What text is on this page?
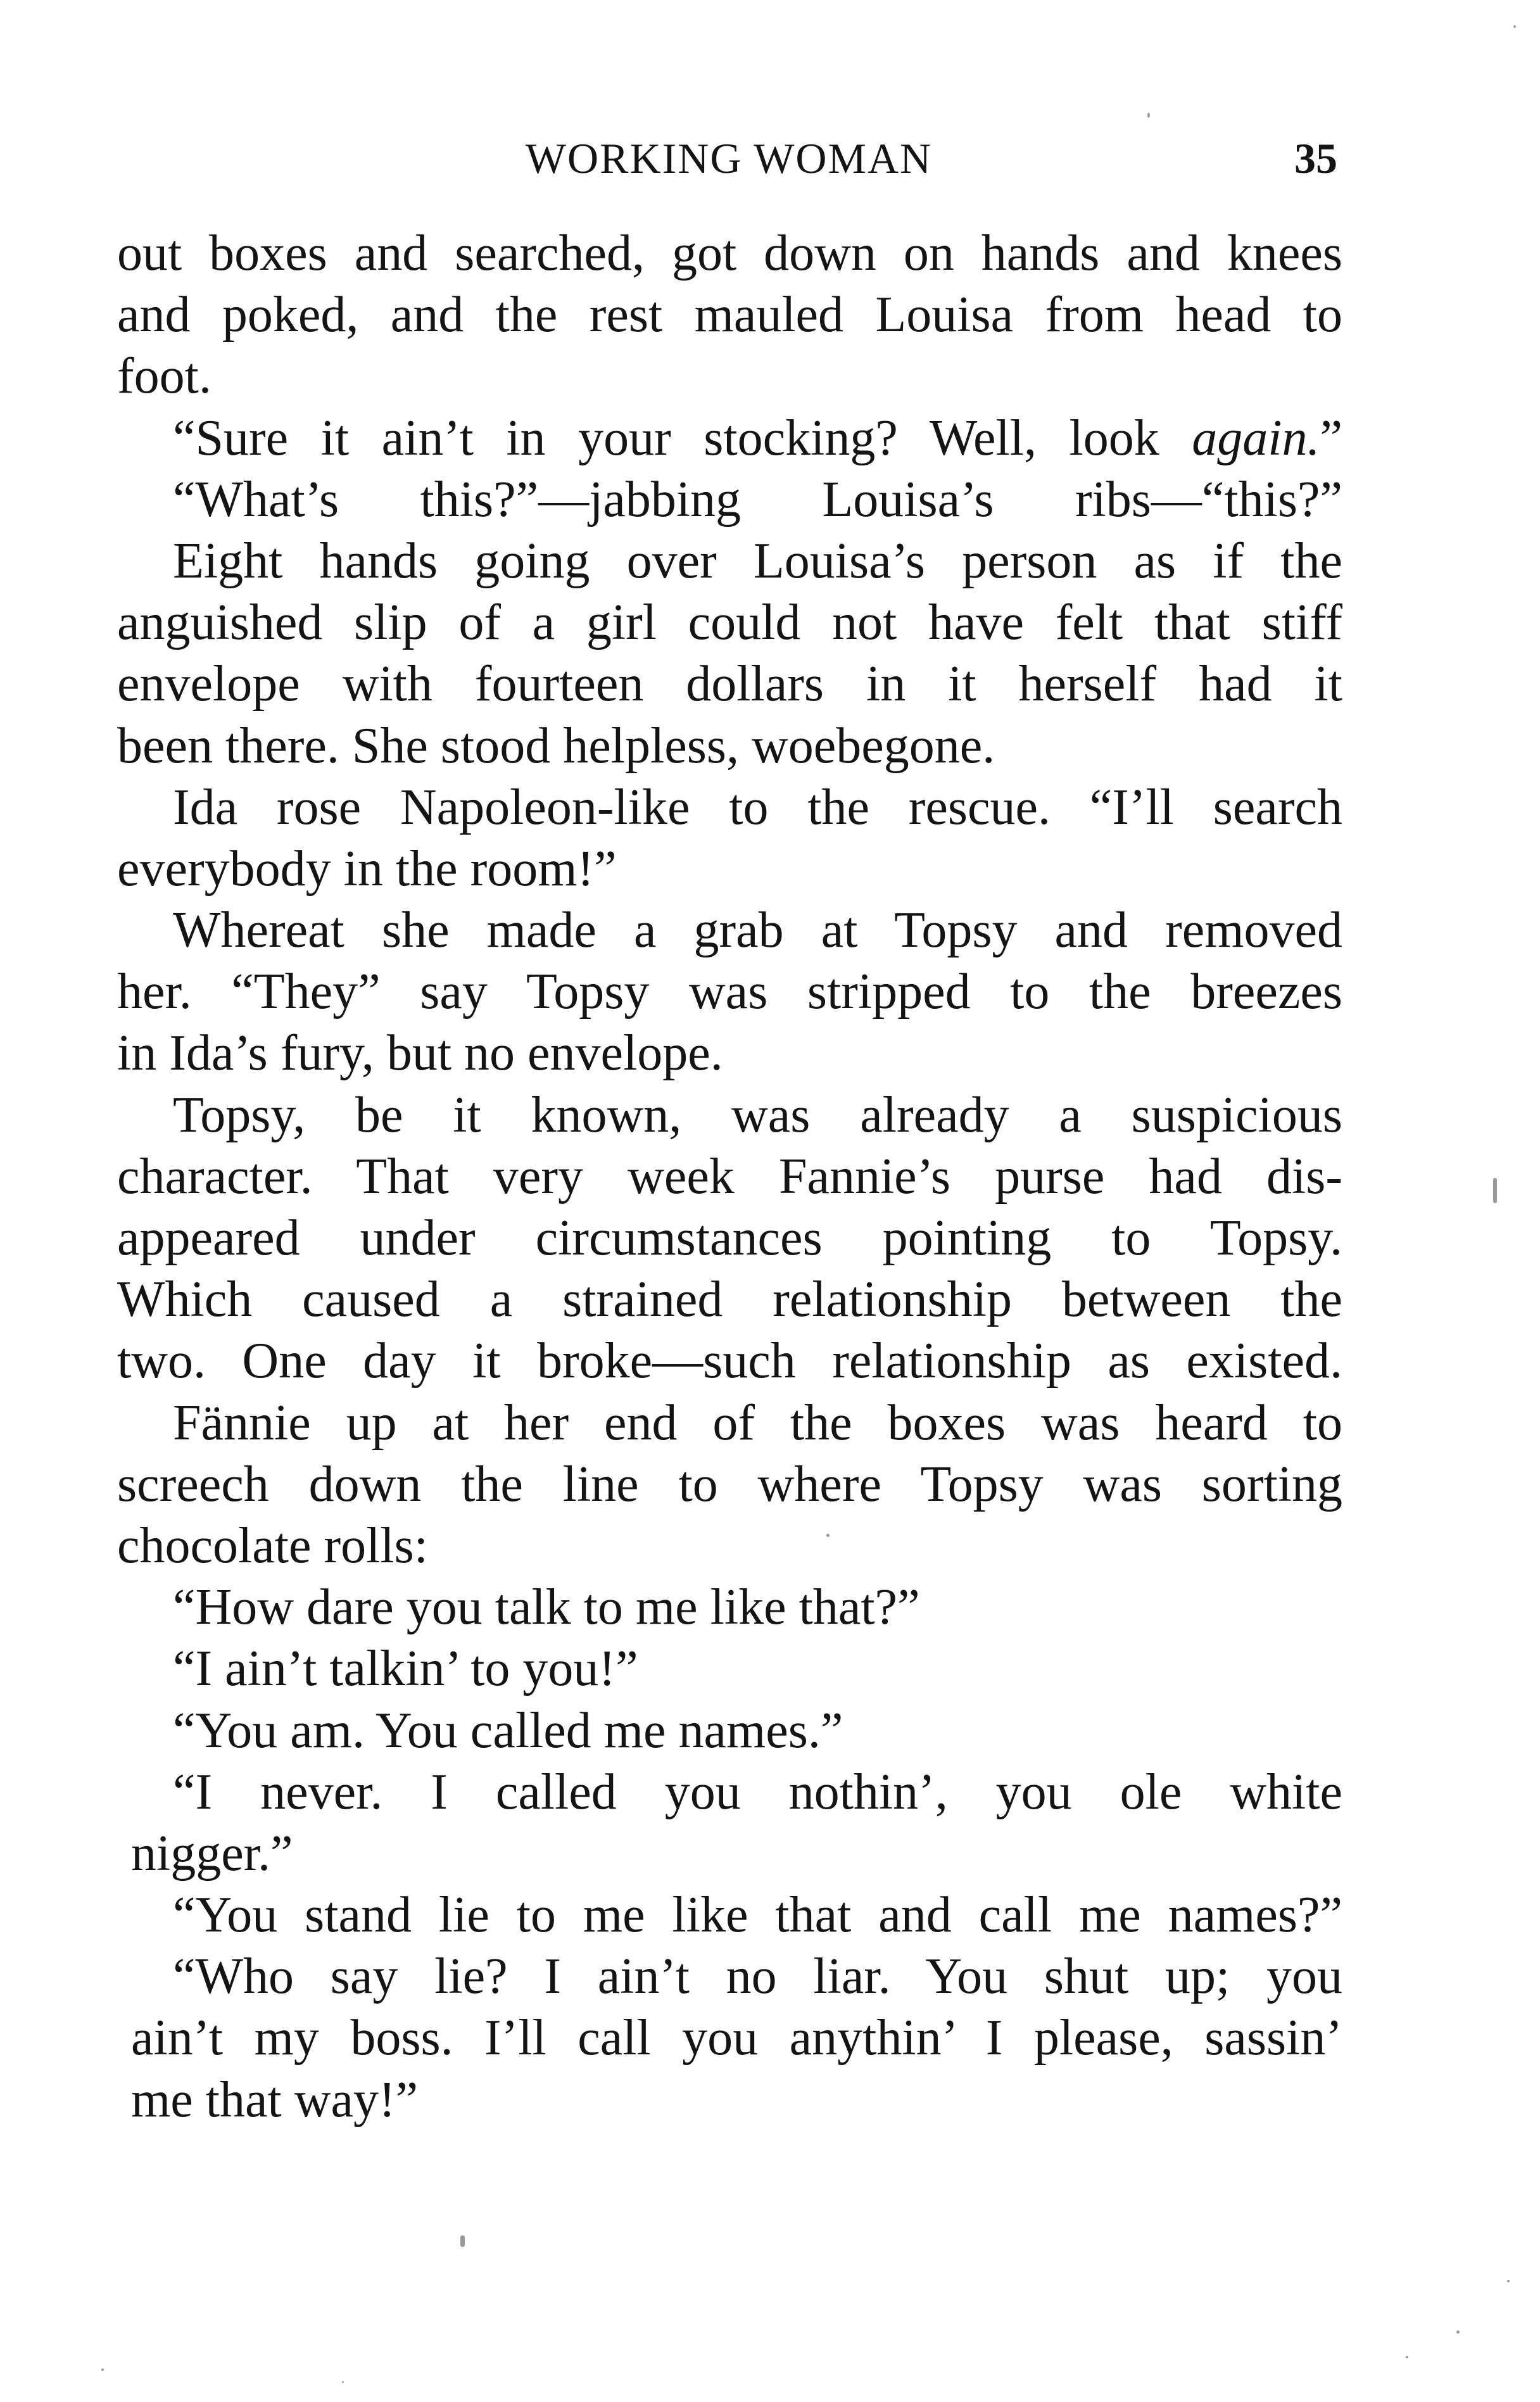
WORKING WOMAN	35
out boxes and searched, got down on hands and knees
and poked, and the rest mauled Louisa from head to
foot.
“Sure it ain’t in your stocking? Well, look again.”
“What’s this?”—jabbing Louisa’s ribs—“this?”
Eight hands going over Louisa’s person as if the
anguished slip of a girl could not have felt that stiff
envelope with fourteen dollars in it herself had it
been there. She stood helpless, woebegone.
Ida rose Napoleon-like to the rescue. “I’ll search
everybody in the room!”
Whereat she made a grab at Topsy and removed
her. “They” say Topsy was stripped to the breezes
in Ida’s fury, but no envelope.
Topsy, be it known, was already a suspicious
character. That very week Fannie’s purse had dis-
appeared under circumstances pointing to Topsy.
Which caused a strained relationship between the
two. One day it broke—such relationship as existed.
Fännie up at her end of the boxes was heard to
screech down the line to where Topsy was sorting
chocolate rolls:
“How dare you talk to me like that?”
“I ain’t talkin’ to you!”
“You am. You called me names.”
“I never. I called you nothin’, you ole white
nigger.”
“You stand lie to me like that and call me names?”
“Who say lie? I ain’t no liar. You shut up; you
ain’t my boss. I’ll call you anythin’ I please, sassin’
me that way!”
